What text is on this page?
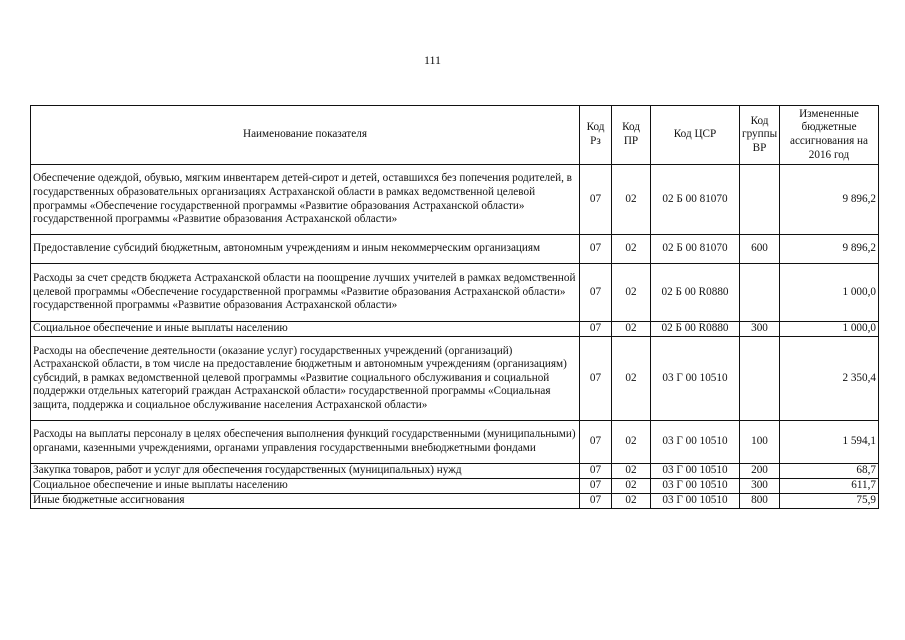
111
Наименование показателя	Код Рз	Код ПР	Код ЦСР	Код группы ВР	Измененные бюджетные ассигнования на 2016 год
Обеспечение одеждой, обувью, мягким инвентарем детей-сирот и детей, оставшихся без попечения родителей, в государственных образовательных организациях Астраханской области в рамках ведомственной целевой программы «Обеспечение государственной программы «Развитие образования Астраханской области» государственной программы «Развитие образования Астраханской области»	07	02	02 Б 00 81070		9 896,2
Предоставление субсидий бюджетным, автономным учреждениям и иным некоммерческим организациям	07	02	02 Б 00 81070	600	9 896,2
Расходы за счет средств бюджета Астраханской области на поощрение лучших учителей в рамках ведомственной целевой программы «Обеспечение государственной программы «Развитие образования Астраханской области» государственной программы «Развитие образования Астраханской области»	07	02	02 Б 00 R0880		1 000,0
Социальное обеспечение и иные выплаты населению	07	02	02 Б 00 R0880	300	1 000,0
Расходы на обеспечение деятельности (оказание услуг) государственных учреждений (организаций) Астраханской области, в том числе на предоставление бюджетным и автономным учреждениям (организациям) субсидий, в рамках ведомственной целевой программы «Развитие социального обслуживания и социальной поддержки отдельных категорий граждан Астраханской области» государственной программы «Социальная защита, поддержка и социальное обслуживание населения Астраханской области»	07	02	03 Г 00 10510		2 350,4
Расходы на выплаты персоналу в целях обеспечения выполнения функций государственными (муниципальными) органами, казенными учреждениями, органами управления государственными внебюджетными фондами	07	02	03 Г 00 10510	100	1 594,1
Закупка товаров, работ и услуг для обеспечения государственных (муниципальных) нужд	07	02	03 Г 00 10510	200	68,7
Социальное обеспечение и иные выплаты населению	07	02	03 Г 00 10510	300	611,7
Иные бюджетные ассигнования	07	02	03 Г 00 10510	800	75,9
